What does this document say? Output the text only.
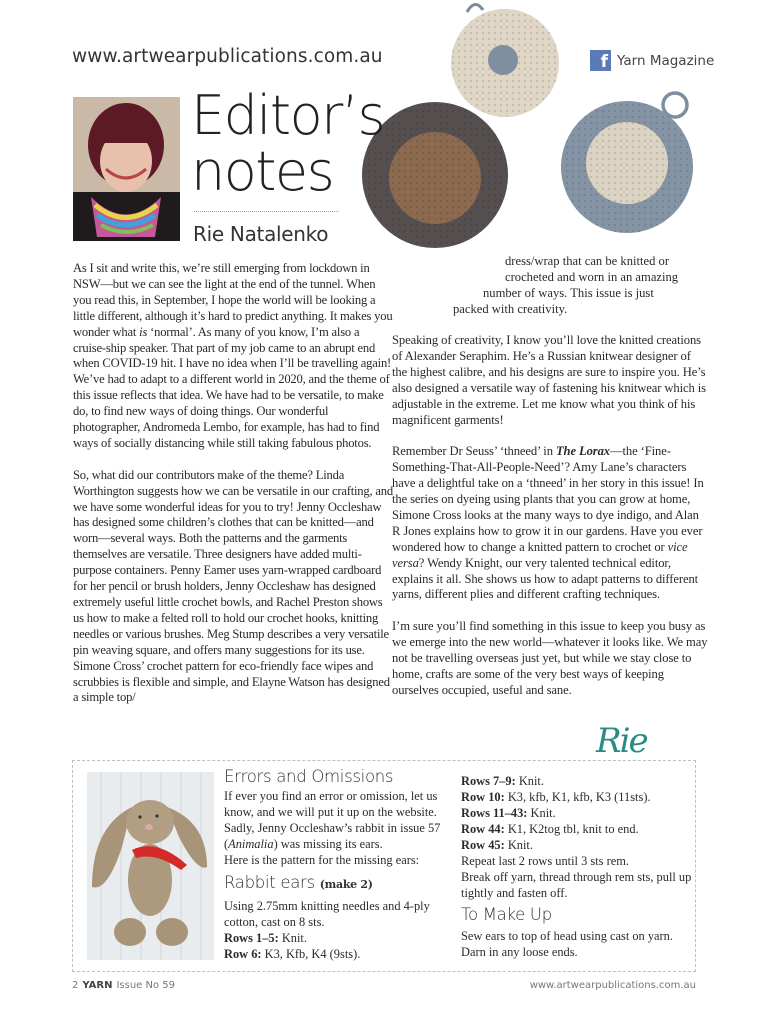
www.artwearpublications.com.au	f Yarn Magazine
Editor’s
notes
Rie Natalenko

As I sit and write this, we’re still emerging from lockdown in NSW—but we can see the light at the end of the tunnel. When you read this, in September, I hope the world will be looking a little different, although it’s hard to predict anything. It makes you wonder what is ‘normal’. As many of you know, I’m also a cruise-ship speaker. That part of my job came to an abrupt end when COVID-19 hit. I have no idea when I’ll be travelling again! We’ve had to adapt to a different world in 2020, and the theme of this issue reflects that idea. We have had to be versatile, to make do, to find new ways of doing things. Our wonderful photographer, Andromeda Lembo, for example, has had to find ways of socially distancing while still taking fabulous photos.

So, what did our contributors make of the theme? Linda Worthington suggests how we can be versatile in our crafting, and we have some wonderful ideas for you to try! Jenny Occleshaw has designed some children’s clothes that can be knitted—and worn—several ways. Both the patterns and the garments themselves are versatile. Three designers have added multi-purpose containers. Penny Eamer uses yarn-wrapped cardboard for her pencil or brush holders, Jenny Occleshaw has designed extremely useful little crochet bowls, and Rachel Preston shows us how to make a felted roll to hold our crochet hooks, knitting needles or various brushes. Meg Stump describes a very versatile pin weaving square, and offers many suggestions for its use. Simone Cross’ crochet pattern for eco-friendly face wipes and scrubbies is flexible and simple, and Elayne Watson has designed a simple top/

dress/wrap that can be knitted or
crocheted and worn in an amazing
number of ways. This issue is just
packed with creativity.

Speaking of creativity, I know you’ll love the knitted creations of Alexander Seraphim. He’s a Russian knitwear designer of the highest calibre, and his designs are sure to inspire you. He’s also designed a versatile way of fastening his knitwear which is adjustable in the extreme. Let me know what you think of his magnificent garments!

Remember Dr Seuss’ ‘thneed’ in The Lorax—the ‘Fine-Something-That-All-People-Need’? Amy Lane’s characters have a delightful take on a ‘thneed’ in her story in this issue! In the series on dyeing using plants that you can grow at home, Simone Cross looks at the many ways to dye indigo, and Alan R Jones explains how to grow it in our gardens. Have you ever wondered how to change a knitted pattern to crochet or vice versa? Wendy Knight, our very talented technical editor, explains it all. She shows us how to adapt patterns to different yarns, different plies and different crafting techniques.

I’m sure you’ll find something in this issue to keep you busy as we emerge into the new world—whatever it looks like. We may not be travelling overseas just yet, but while we stay close to home, crafts are some of the very best ways of keeping ourselves occupied, useful and sane.

Rie
Errors and Omissions
If ever you find an error or omission, let us know, and we will put it up on the website. Sadly, Jenny Occleshaw’s rabbit in issue 57 (Animalia) was missing its ears.
Here is the pattern for the missing ears:
Rabbit ears (make 2)
Using 2.75mm knitting needles and 4-ply cotton, cast on 8 sts.
Rows 1–5: Knit.
Row 6: K3, Kfb, K4 (9sts).
Rows 7–9: Knit.
Row 10: K3, kfb, K1, kfb, K3 (11sts).
Rows 11–43: Knit.
Row 44: K1, K2tog tbl, knit to end.
Row 45: Knit.
Repeat last 2 rows until 3 sts rem.
Break off yarn, thread through rem sts, pull up tightly and fasten off.
To Make Up
Sew ears to top of head using cast on yarn. Darn in any loose ends.
2 YARN Issue No 59	www.artwearpublications.com.au
